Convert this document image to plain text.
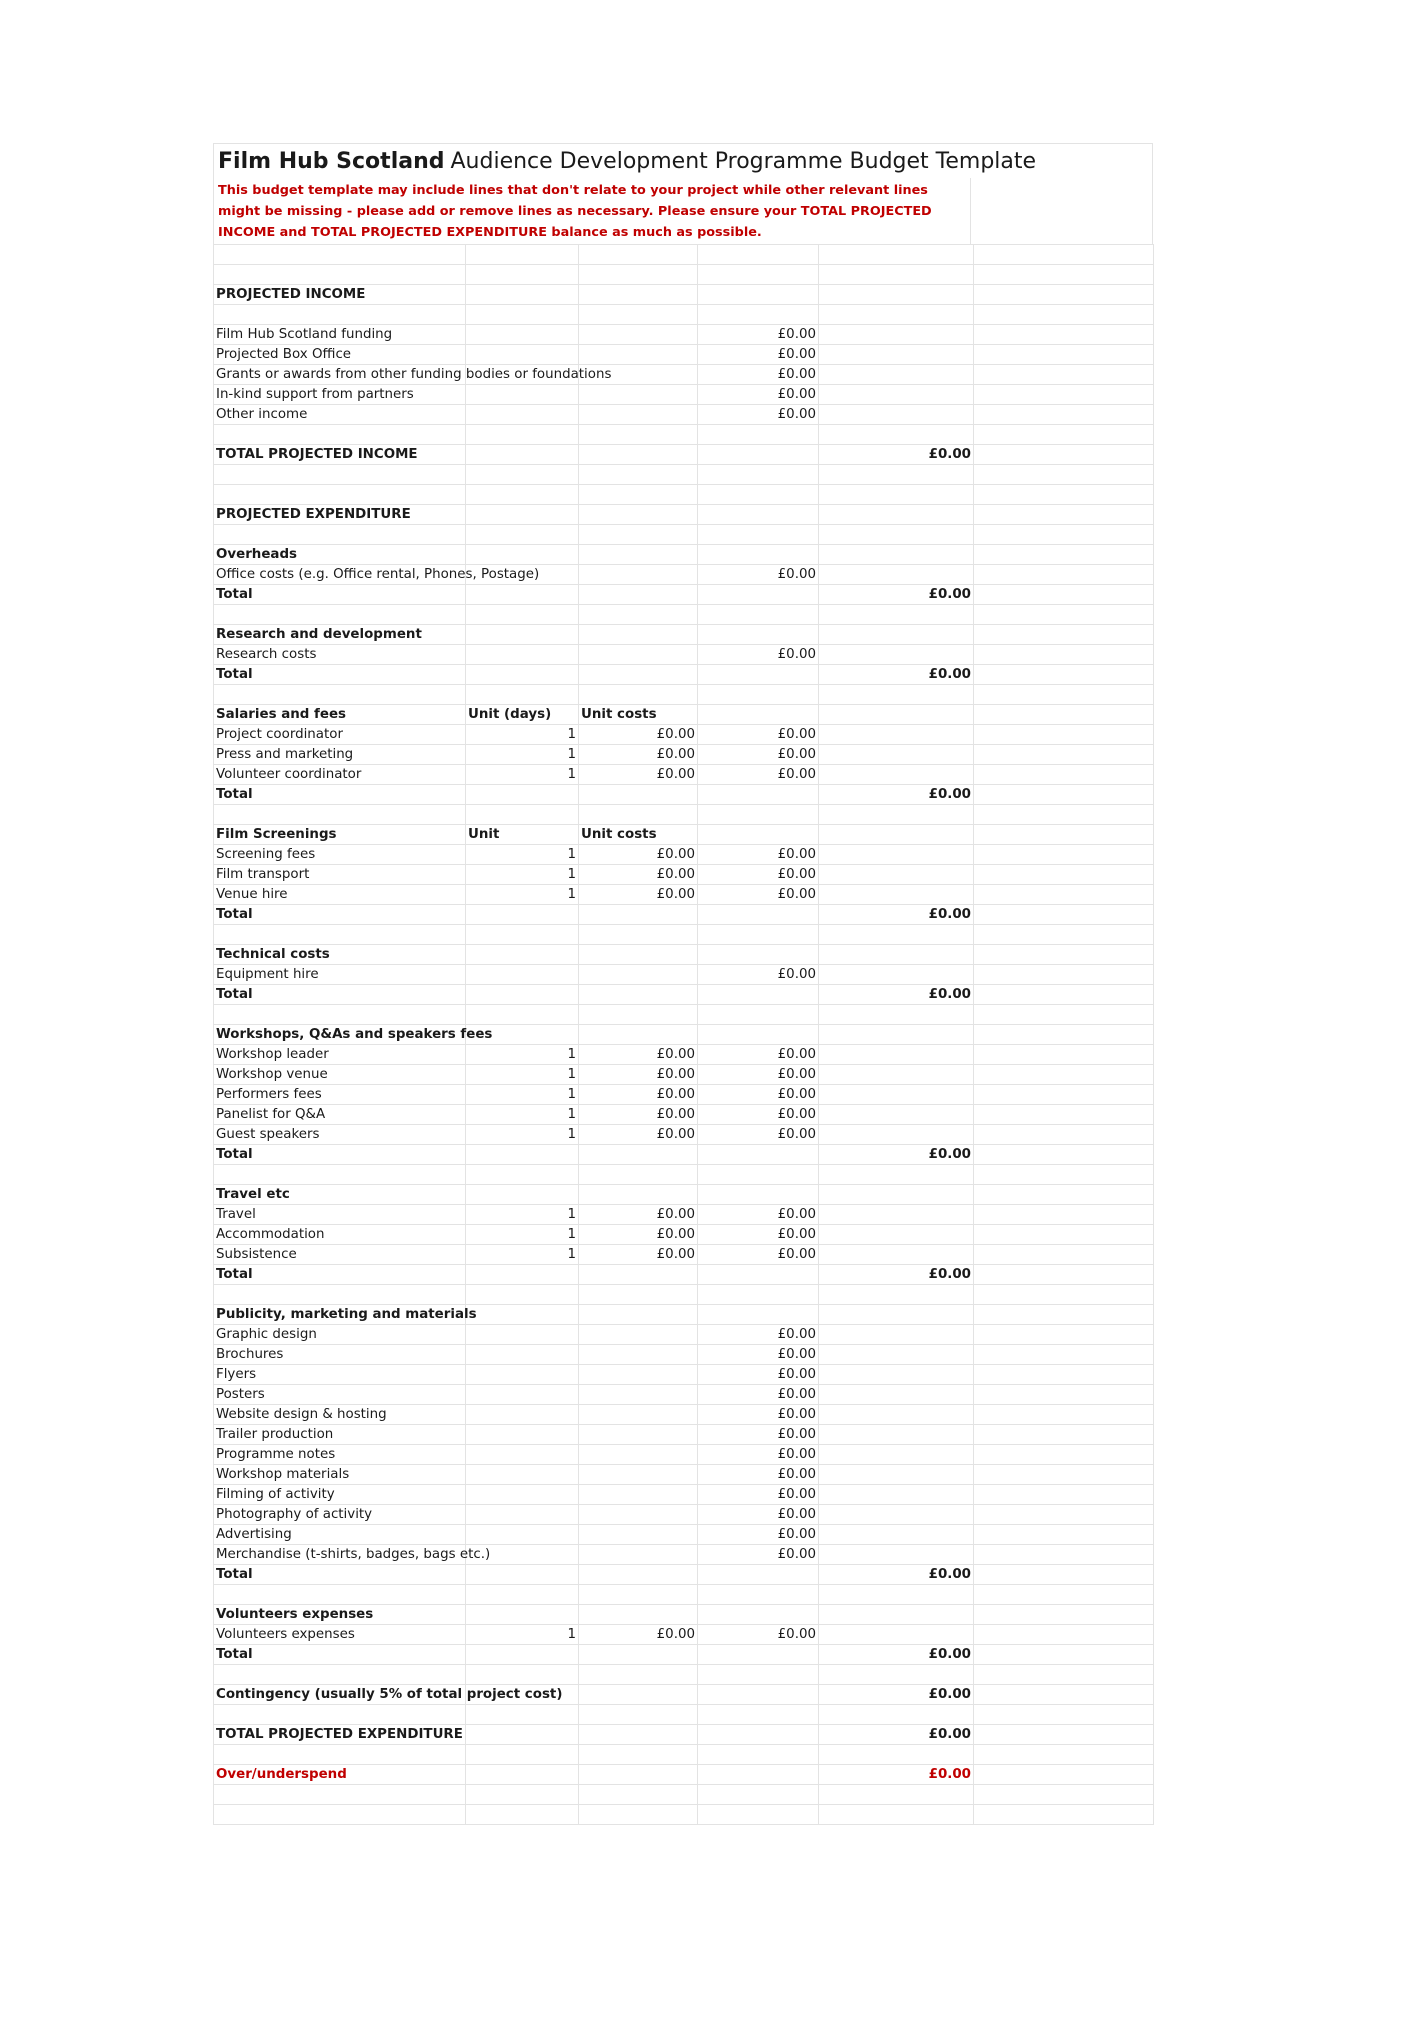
Film Hub Scotland Audience Development Programme Budget Template
This budget template may include lines that don't relate to your project while other relevant lines might be missing - please add or remove lines as necessary. Please ensure your TOTAL PROJECTED INCOME and TOTAL PROJECTED EXPENDITURE balance as much as possible.

PROJECTED INCOME					

Film Hub Scotland funding			£0.00		
Projected Box Office			£0.00		
Grants or awards from other funding bodies or foundations			£0.00		
In-kind support from partners			£0.00		
Other income			£0.00		

TOTAL PROJECTED INCOME				£0.00	

PROJECTED EXPENDITURE					

Overheads					
Office costs (e.g. Office rental, Phones, Postage)			£0.00		
Total				£0.00	

Research and development					
Research costs			£0.00		
Total				£0.00	

Salaries and fees	Unit (days)	Unit costs			
Project coordinator	1	£0.00	£0.00		
Press and marketing	1	£0.00	£0.00		
Volunteer coordinator	1	£0.00	£0.00		
Total				£0.00	

Film Screenings	Unit	Unit costs			
Screening fees	1	£0.00	£0.00		
Film transport	1	£0.00	£0.00		
Venue hire	1	£0.00	£0.00		
Total				£0.00	

Technical costs					
Equipment hire			£0.00		
Total				£0.00	

Workshops, Q&As and speakers fees					
Workshop leader	1	£0.00	£0.00		
Workshop venue	1	£0.00	£0.00		
Performers fees	1	£0.00	£0.00		
Panelist for Q&A	1	£0.00	£0.00		
Guest speakers	1	£0.00	£0.00		
Total				£0.00	

Travel etc					
Travel	1	£0.00	£0.00		
Accommodation	1	£0.00	£0.00		
Subsistence	1	£0.00	£0.00		
Total				£0.00	

Publicity, marketing and materials					
Graphic design			£0.00		
Brochures			£0.00		
Flyers			£0.00		
Posters			£0.00		
Website design & hosting			£0.00		
Trailer production			£0.00		
Programme notes			£0.00		
Workshop materials			£0.00		
Filming of activity			£0.00		
Photography of activity			£0.00		
Advertising			£0.00		
Merchandise (t-shirts, badges, bags etc.)			£0.00		
Total				£0.00	

Volunteers expenses					
Volunteers expenses	1	£0.00	£0.00		
Total				£0.00	

Contingency (usually 5% of total project cost)				£0.00	

TOTAL PROJECTED EXPENDITURE				£0.00	

Over/underspend				£0.00	
